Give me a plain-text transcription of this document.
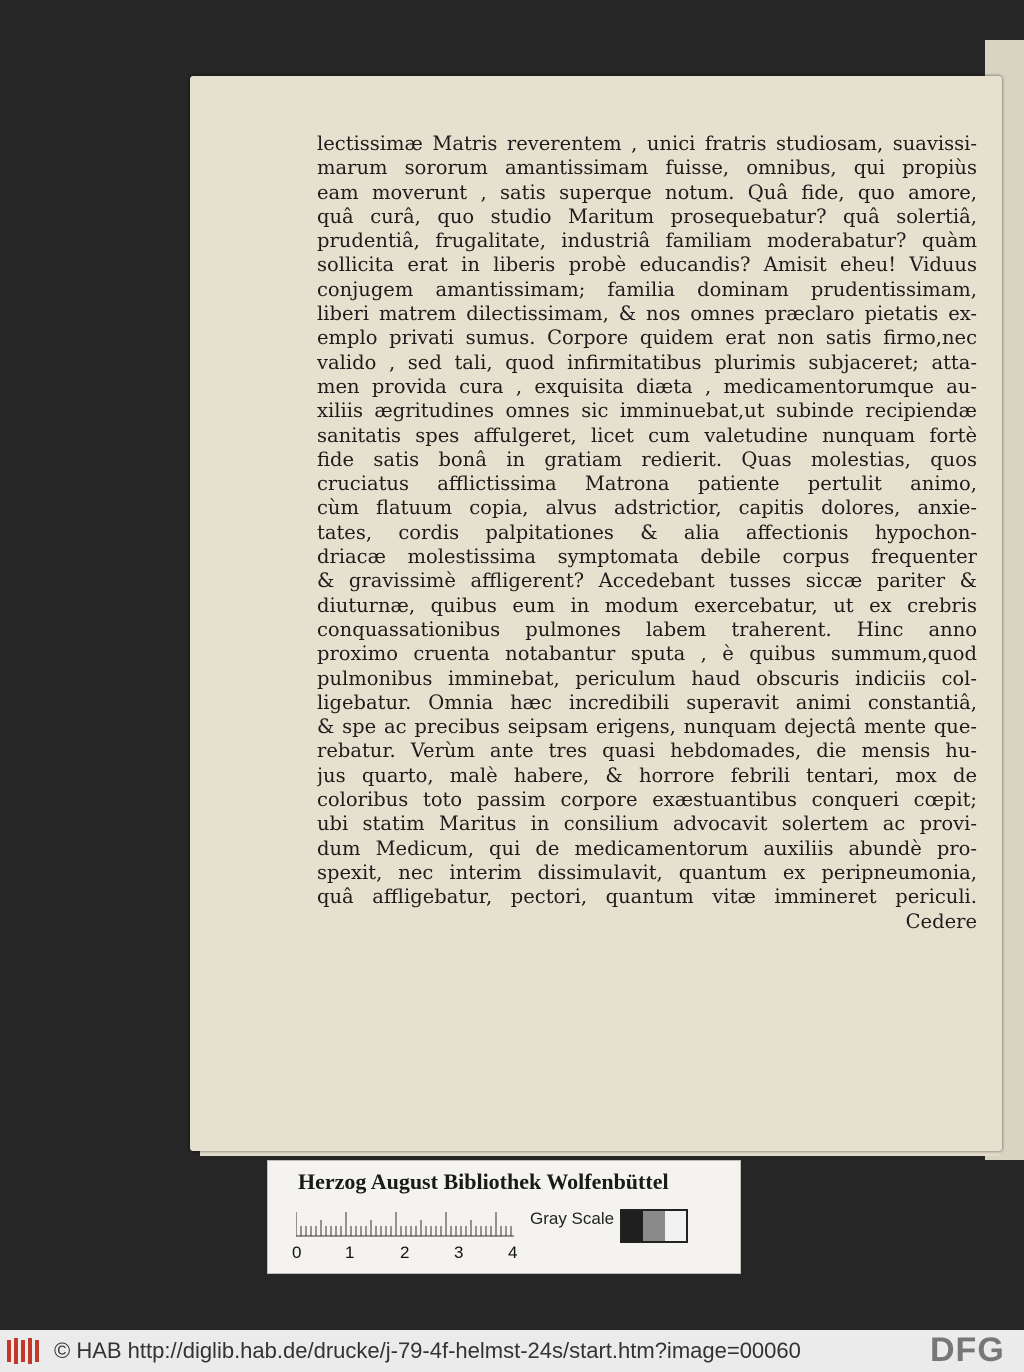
lectissimæ Matris reverentem , unici fratris studiosam, suavissi-
marum sororum amantissimam fuisse, omnibus, qui propiùs
eam moverunt , satis superque notum. Quâ fide, quo amore,
quâ curâ, quo studio Maritum prosequebatur? quâ solertiâ,
prudentiâ, frugalitate, industriâ familiam moderabatur? quàm
sollicita erat in liberis probè educandis? Amisit eheu! Viduus
conjugem amantissimam; familia dominam prudentissimam,
liberi matrem dilectissimam, & nos omnes præclaro pietatis ex-
emplo privati sumus. Corpore quidem erat non satis firmo,nec
valido , sed tali, quod infirmitatibus plurimis subjaceret; atta-
men provida cura , exquisita diæta , medicamentorumque au-
xiliis ægritudines omnes sic imminuebat,ut subinde recipiendæ
sanitatis spes affulgeret, licet cum valetudine nunquam fortè
fide satis bonâ in gratiam redierit. Quas molestias, quos
cruciatus afflictissima Matrona patiente pertulit animo,
cùm flatuum copia, alvus adstrictior, capitis dolores, anxie-
tates, cordis palpitationes & alia affectionis hypochon-
driacæ molestissima symptomata debile corpus frequenter
& gravissimè affligerent? Accedebant tusses siccæ pariter &
diuturnæ, quibus eum in modum exercebatur, ut ex crebris
conquassationibus pulmones labem traherent. Hinc anno
proximo cruenta notabantur sputa , è quibus summum,quod
pulmonibus imminebat, periculum haud obscuris indiciis col-
ligebatur. Omnia hæc incredibili superavit animi constantiâ,
& spe ac precibus seipsam erigens, nunquam dejectâ mente que-
rebatur. Verùm ante tres quasi hebdomades, die mensis hu-
jus quarto, malè habere, & horrore febrili tentari, mox de
coloribus toto passim corpore exæstuantibus conqueri cœpit;
ubi statim Maritus in consilium advocavit solertem ac provi-
dum Medicum, qui de medicamentorum auxiliis abundè pro-
spexit, nec interim dissimulavit, quantum ex peripneumonia,
quâ affligebatur, pectori, quantum vitæ immineret periculi.
Cedere
Herzog August Bibliothek Wolfenbüttel
0	1	2	3	4
Gray Scale
© HAB http://diglib.hab.de/drucke/j-79-4f-helmst-24s/start.htm?image=00060	DFG
